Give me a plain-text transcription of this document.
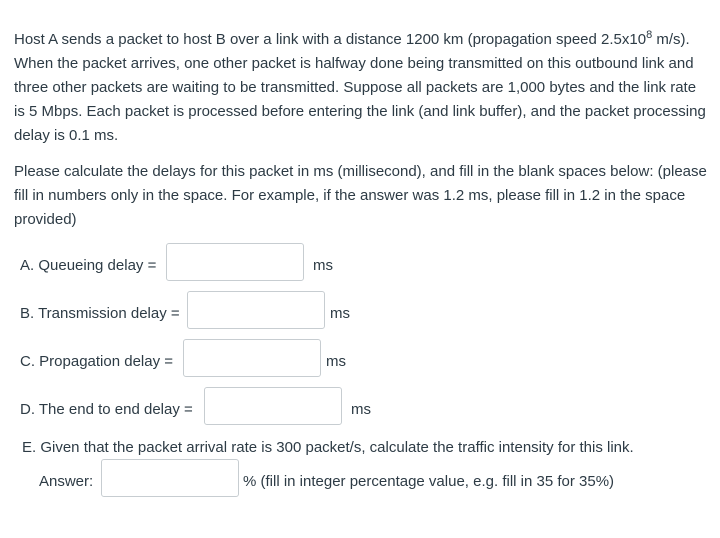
Host A sends a packet to host B over a link with a distance 1200 km (propagation speed $2.5x10^8$ m/s). When the packet arrives, one other packet is halfway done being transmitted on this outbound link and three other packets are waiting to be transmitted. Suppose all packets are 1,000 bytes and the link rate is 5 Mbps. Each packet is processed before entering the link (and link buffer), and the packet processing delay is 0.1 ms.

Please calculate the delays for this packet in ms (millisecond), and fill in the blank spaces below: (please fill in numbers only in the space. For example, if the answer was 1.2 ms, please fill in 1.2 in the space provided)

A. Queueing delay =	ms
B. Transmission delay =	ms
C. Propagation delay =	ms
D. The end to end delay =	ms
E. Given that the packet arrival rate is 300 packet/s, calculate the traffic intensity for this link.
Answer:	% (fill in integer percentage value, e.g. fill in 35 for 35%)
